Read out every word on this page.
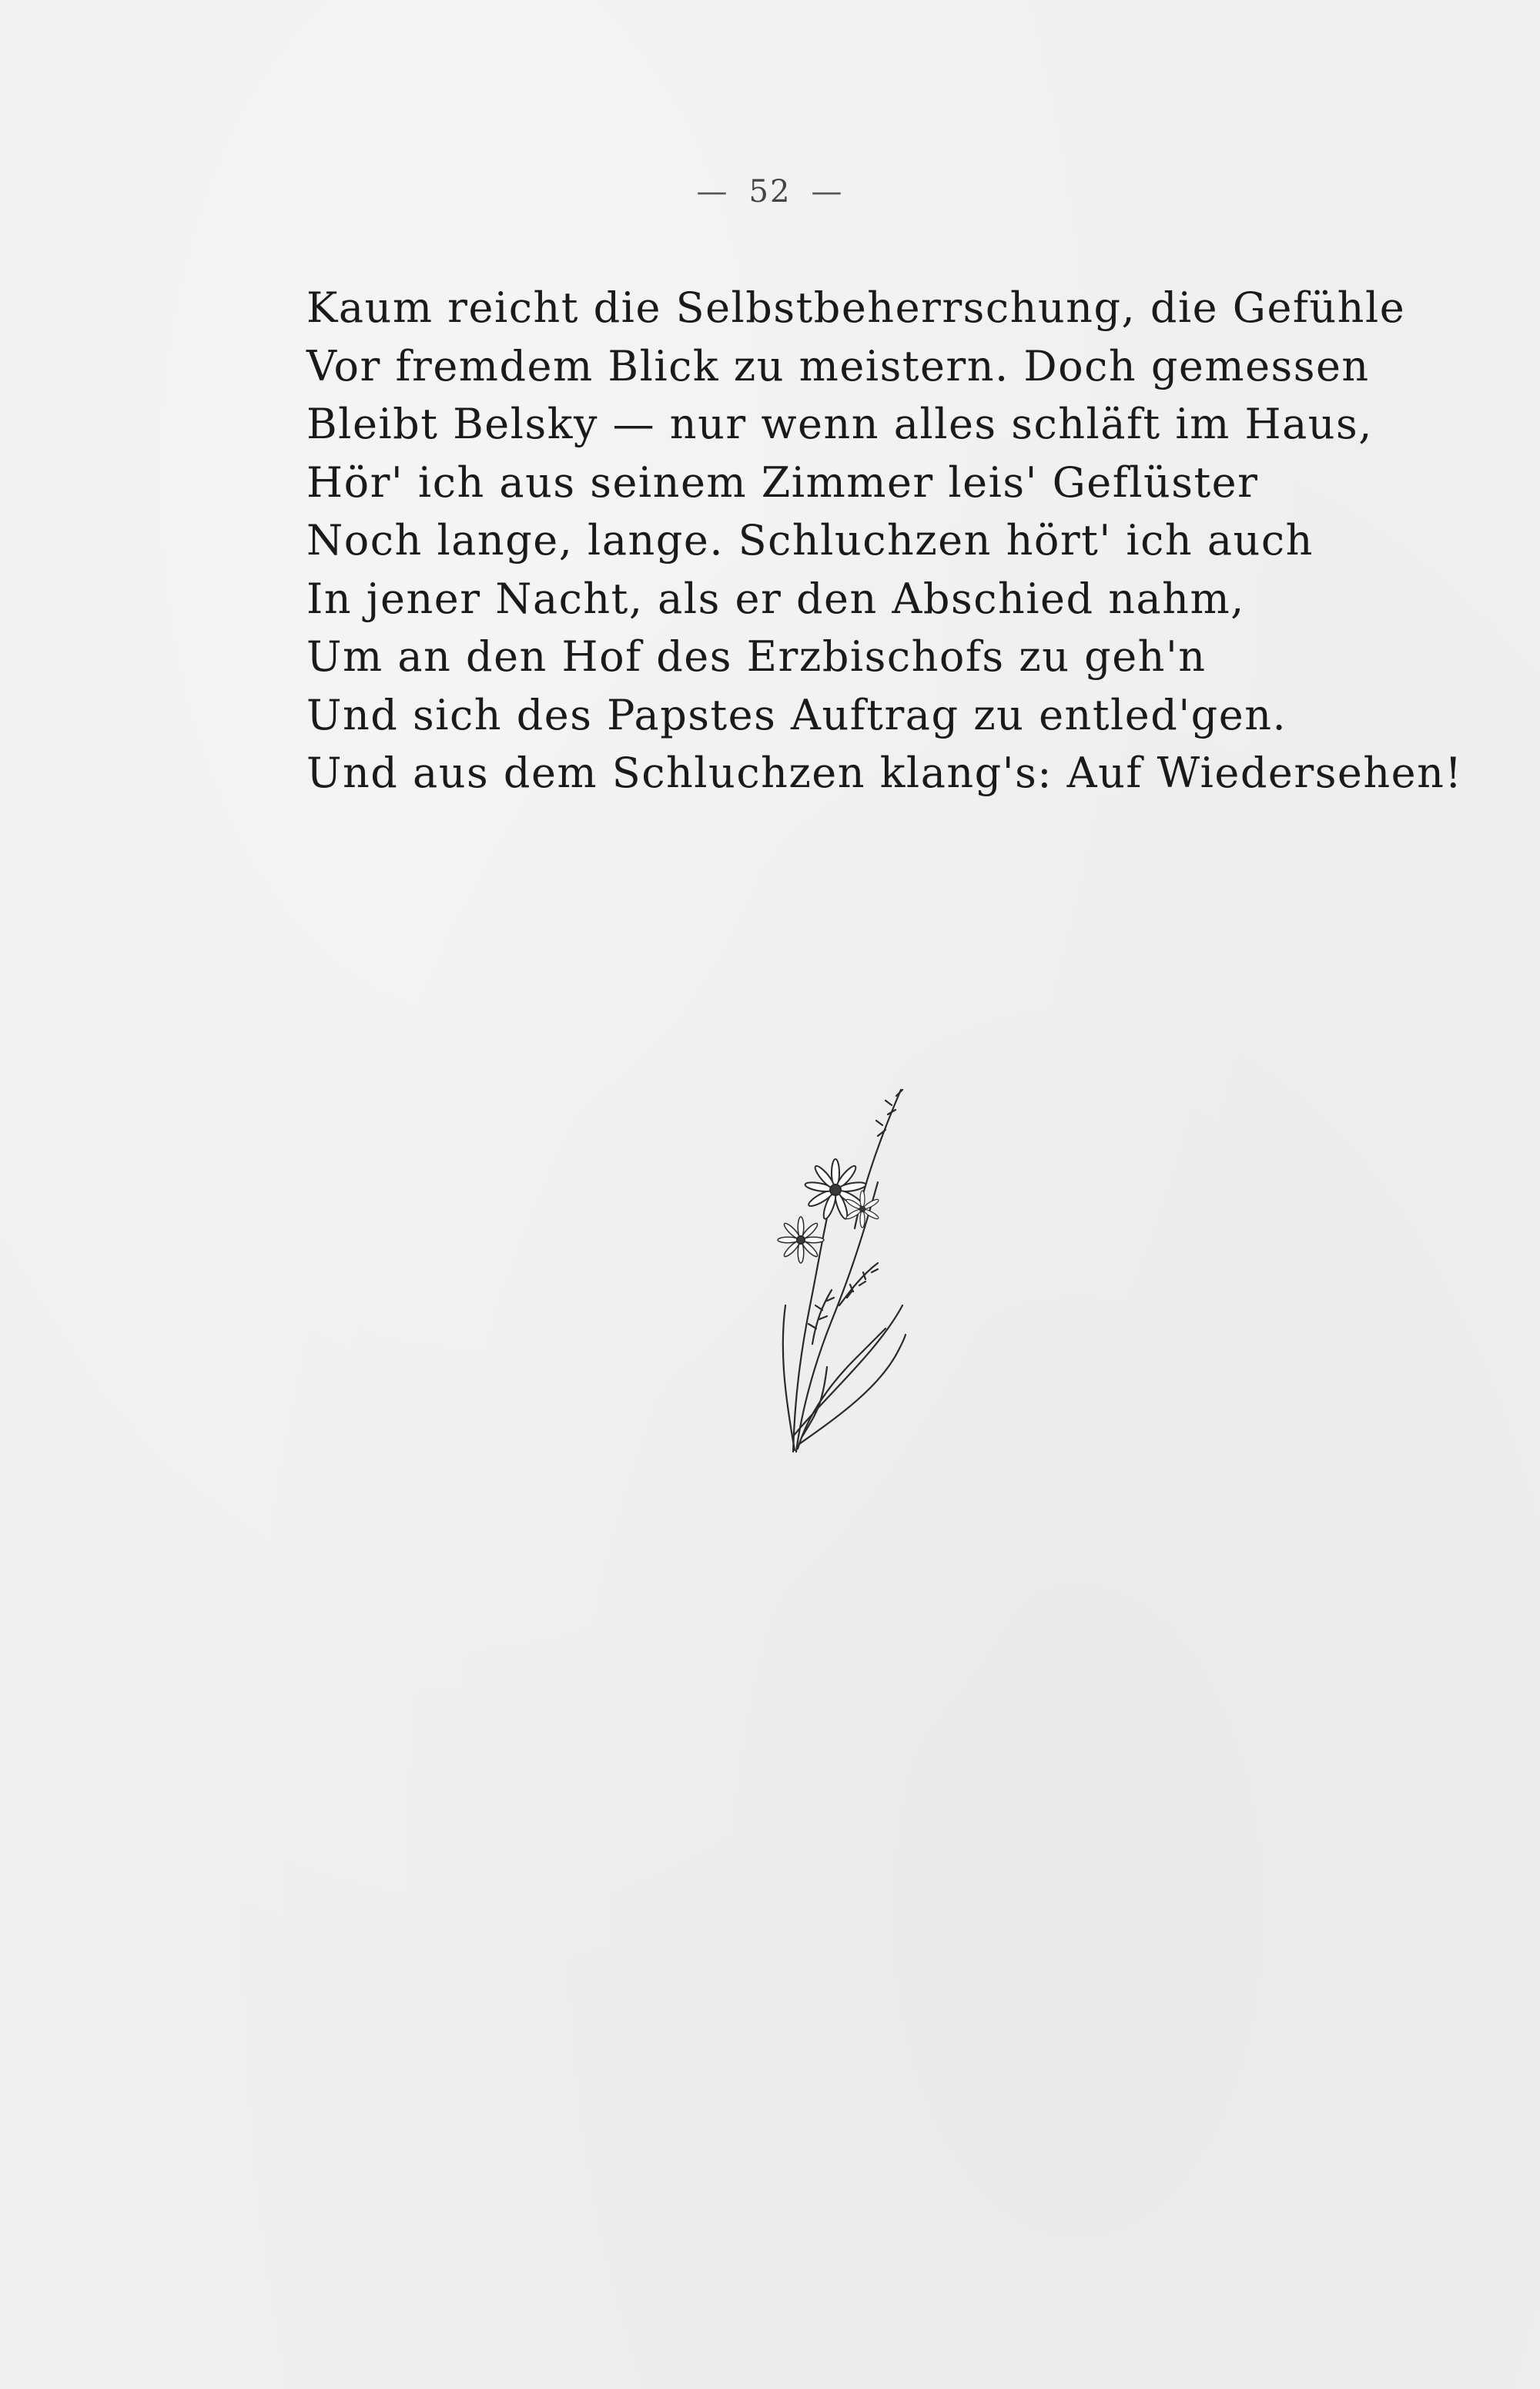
— 52 —
Kaum reicht die Selbstbeherrschung, die Gefühle
Vor fremdem Blick zu meistern. Doch gemessen
Bleibt Belsky — nur wenn alles schläft im Haus,
Hör' ich aus seinem Zimmer leis' Geflüster
Noch lange, lange. Schluchzen hört' ich auch
In jener Nacht, als er den Abschied nahm,
Um an den Hof des Erzbischofs zu geh'n
Und sich des Papstes Auftrag zu entled'gen.
Und aus dem Schluchzen klang's: Auf Wiedersehen!
